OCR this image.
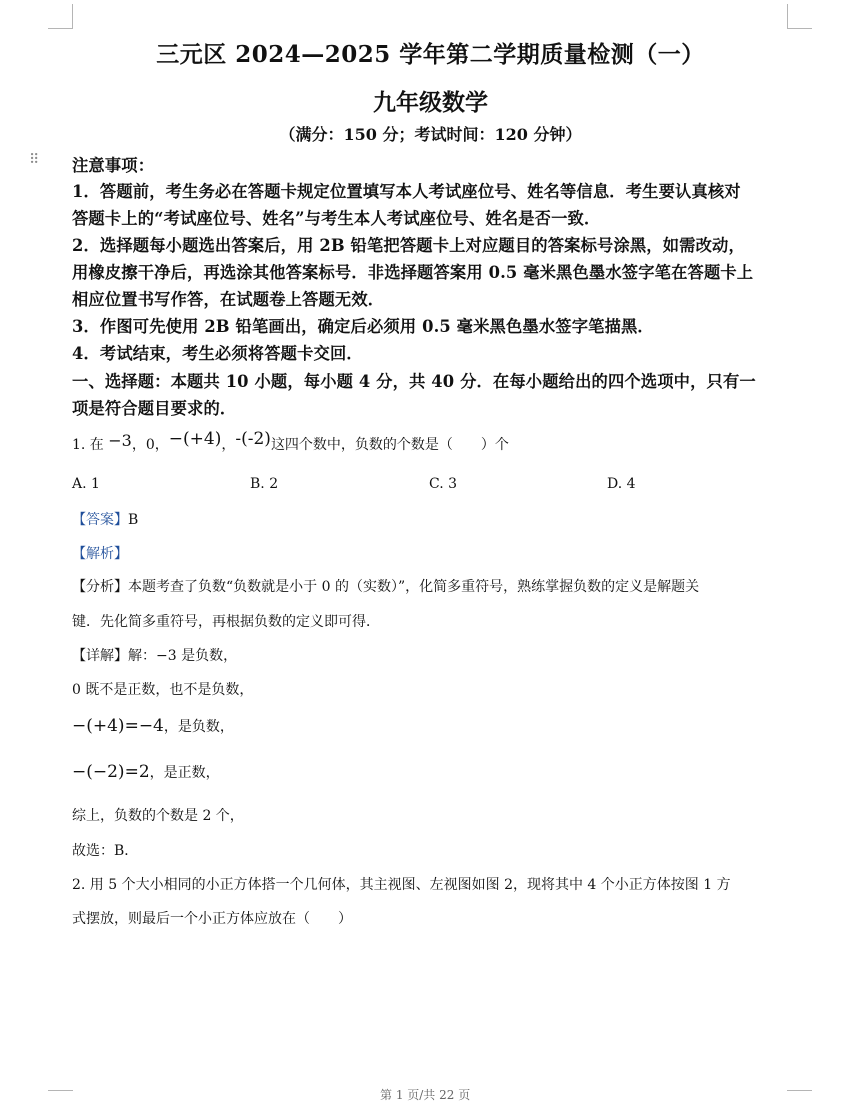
三元区 2024—2025 学年第二学期质量检测（一）
九年级数学
（满分：150 分；考试时间：120 分钟）
⠿ 注意事项：
1．答题前，考生务必在答题卡规定位置填写本人考试座位号、姓名等信息．考生要认真核对
答题卡上的“考试座位号、姓名”与考生本人考试座位号、姓名是否一致．
2．选择题每小题选出答案后，用 2B 铅笔把答题卡上对应题目的答案标号涂黑，如需改动，
用橡皮擦干净后，再选涂其他答案标号．非选择题答案用 0.5 毫米黑色墨水签字笔在答题卡上
相应位置书写作答，在试题卷上答题无效．
3．作图可先使用 2B 铅笔画出，确定后必须用 0.5 毫米黑色墨水签字笔描黑．
4．考试结束，考生必须将答题卡交回．
一、选择题：本题共 10 小题，每小题 4 分，共 40 分．在每小题给出的四个选项中，只有一
项是符合题目要求的．
1. 在 −3，0，−(+4)，-(-2)这四个数中，负数的个数是（　　）个
A. 1	B. 2	C. 3	D. 4
【答案】B
【解析】
【分析】本题考查了负数“负数就是小于 0 的（实数）”，化简多重符号，熟练掌握负数的定义是解题关
键．先化简多重符号，再根据负数的定义即可得．
【详解】解：−3 是负数，
0 既不是正数，也不是负数，
−(+4)=−4，是负数，
−(−2)=2，是正数，
综上，负数的个数是 2 个，
故选：B．
2. 用 5 个大小相同的小正方体搭一个几何体，其主视图、左视图如图 2，现将其中 4 个小正方体按图 1 方
式摆放，则最后一个小正方体应放在（　　）
第 1 页/共 22 页
